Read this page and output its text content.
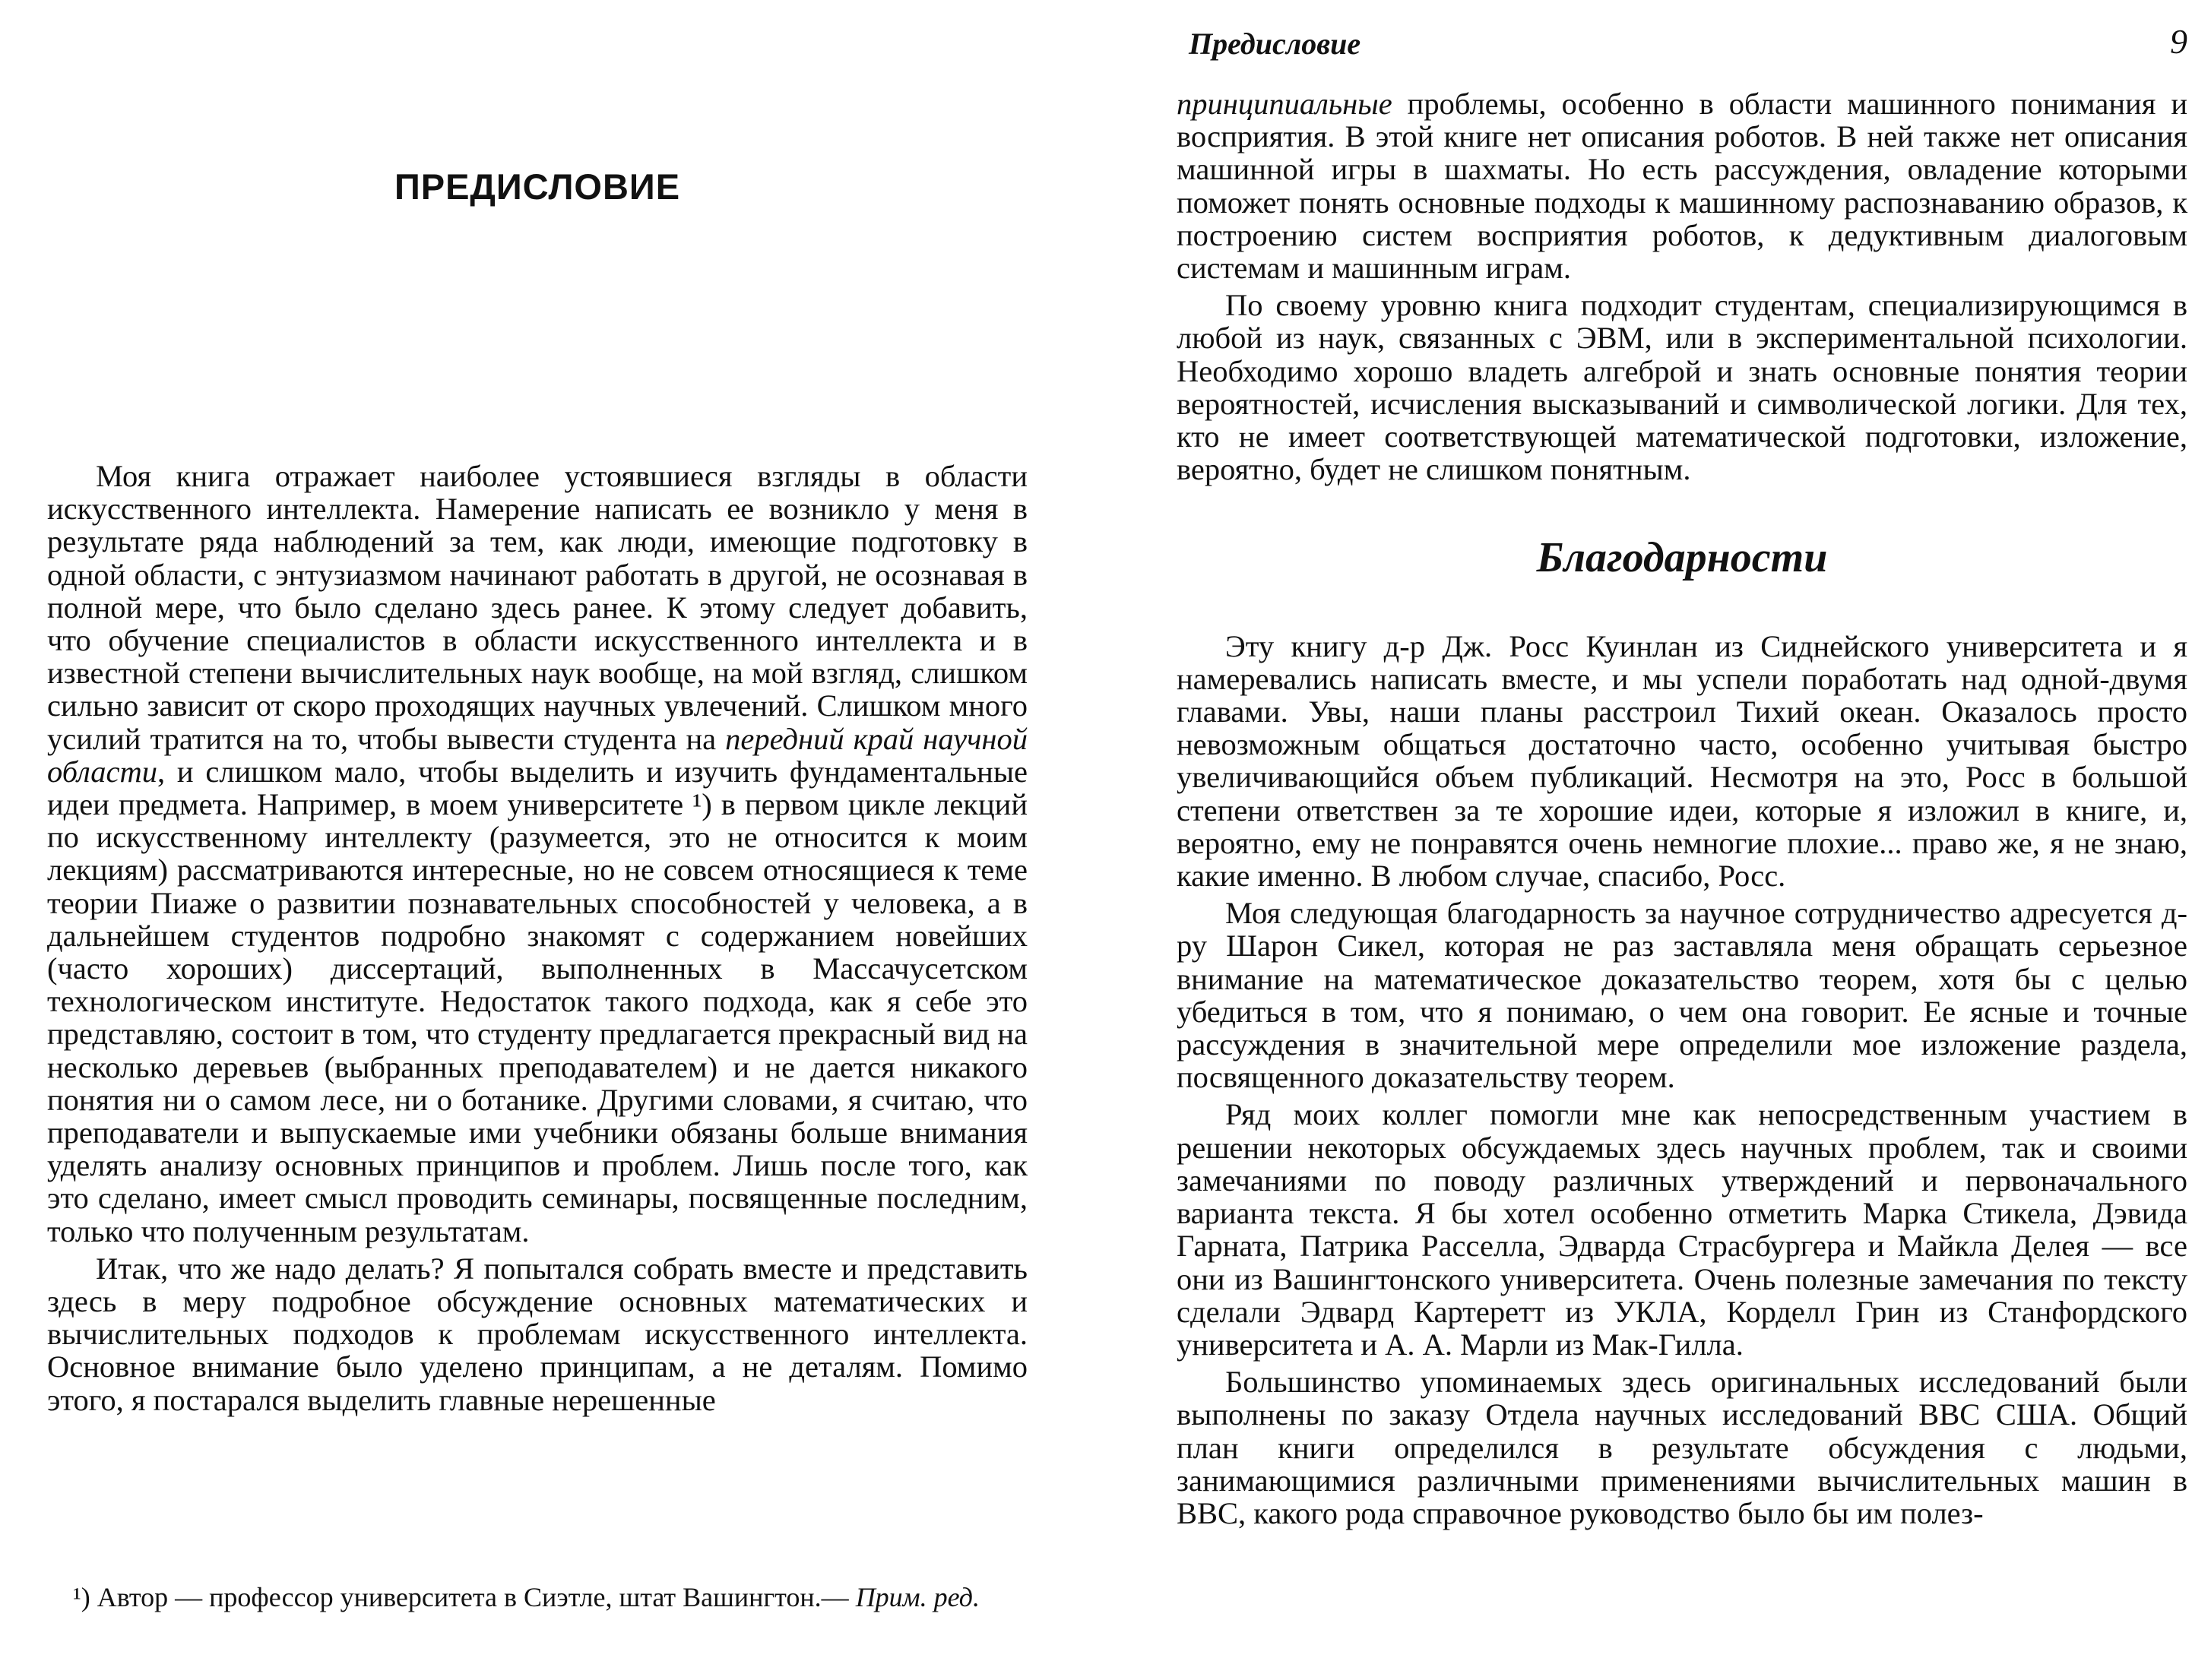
ПРЕДИСЛОВИЕ

Моя книга отражает наиболее устоявшиеся взгляды в области искусственного интеллекта. Намерение написать ее возникло у меня в результате ряда наблюдений за тем, как люди, имеющие подготовку в одной области, с энтузиазмом начинают работать в другой, не осознавая в полной мере, что было сделано здесь ранее. К этому следует добавить, что обучение специалистов в области искусственного интеллекта и в известной степени вычислительных наук вообще, на мой взгляд, слишком сильно зависит от скоро проходящих научных увлечений. Слишком много усилий тратится на то, чтобы вывести студента на передний край научной области, и слишком мало, чтобы выделить и изучить фундаментальные идеи предмета. Например, в моем университете ¹) в первом цикле лекций по искусственному интеллекту (разумеется, это не относится к моим лекциям) рассматриваются интересные, но не совсем относящиеся к теме теории Пиаже о развитии познавательных способностей у человека, а в дальнейшем студентов подробно знакомят с содержанием новейших (часто хороших) диссертаций, выполненных в Массачусетском технологическом институте. Недостаток такого подхода, как я себе это представляю, состоит в том, что студенту предлагается прекрасный вид на несколько деревьев (выбранных преподавателем) и не дается никакого понятия ни о самом лесе, ни о ботанике. Другими словами, я считаю, что преподаватели и выпускаемые ими учебники обязаны больше внимания уделять анализу основных принципов и проблем. Лишь после того, как это сделано, имеет смысл проводить семинары, посвященные последним, только что полученным результатам.

Итак, что же надо делать? Я попытался собрать вместе и представить здесь в меру подробное обсуждение основных математических и вычислительных подходов к проблемам искусственного интеллекта. Основное внимание было уделено принципам, а не деталям. Помимо этого, я постарался выделить главные нерешенные

¹) Автор — профессор университета в Сиэтле, штат Вашингтон.— Прим. ред.
Предисловие	9

принципиальные проблемы, особенно в области машинного понимания и восприятия. В этой книге нет описания роботов. В ней также нет описания машинной игры в шахматы. Но есть рассуждения, овладение которыми поможет понять основные подходы к машинному распознаванию образов, к построению систем восприятия роботов, к дедуктивным диалоговым системам и машинным играм.

По своему уровню книга подходит студентам, специализирующимся в любой из наук, связанных с ЭВМ, или в экспериментальной психологии. Необходимо хорошо владеть алгеброй и знать основные понятия теории вероятностей, исчисления высказываний и символической логики. Для тех, кто не имеет соответствующей математической подготовки, изложение, вероятно, будет не слишком понятным.

Благодарности

Эту книгу д-р Дж. Росс Куинлан из Сиднейского университета и я намеревались написать вместе, и мы успели поработать над одной-двумя главами. Увы, наши планы расстроил Тихий океан. Оказалось просто невозможным общаться достаточно часто, особенно учитывая быстро увеличивающийся объем публикаций. Несмотря на это, Росс в большой степени ответствен за те хорошие идеи, которые я изложил в книге, и, вероятно, ему не понравятся очень немногие плохие... право же, я не знаю, какие именно. В любом случае, спасибо, Росс.

Моя следующая благодарность за научное сотрудничество адресуется д-ру Шарон Сикел, которая не раз заставляла меня обращать серьезное внимание на математическое доказательство теорем, хотя бы с целью убедиться в том, что я понимаю, о чем она говорит. Ее ясные и точные рассуждения в значительной мере определили мое изложение раздела, посвященного доказательству теорем.

Ряд моих коллег помогли мне как непосредственным участием в решении некоторых обсуждаемых здесь научных проблем, так и своими замечаниями по поводу различных утверждений и первоначального варианта текста. Я бы хотел особенно отметить Марка Стикела, Дэвида Гарната, Патрика Расселла, Эдварда Страсбургера и Майкла Делея — все они из Вашингтонского университета. Очень полезные замечания по тексту сделали Эдвард Картеретт из УКЛА, Корделл Грин из Станфордского университета и А. А. Марли из Мак-Гилла.

Большинство упоминаемых здесь оригинальных исследований были выполнены по заказу Отдела научных исследований ВВС США. Общий план книги определился в результате обсуждения с людьми, занимающимися различными применениями вычислительных машин в ВВС, какого рода справочное руководство было бы им полез-
